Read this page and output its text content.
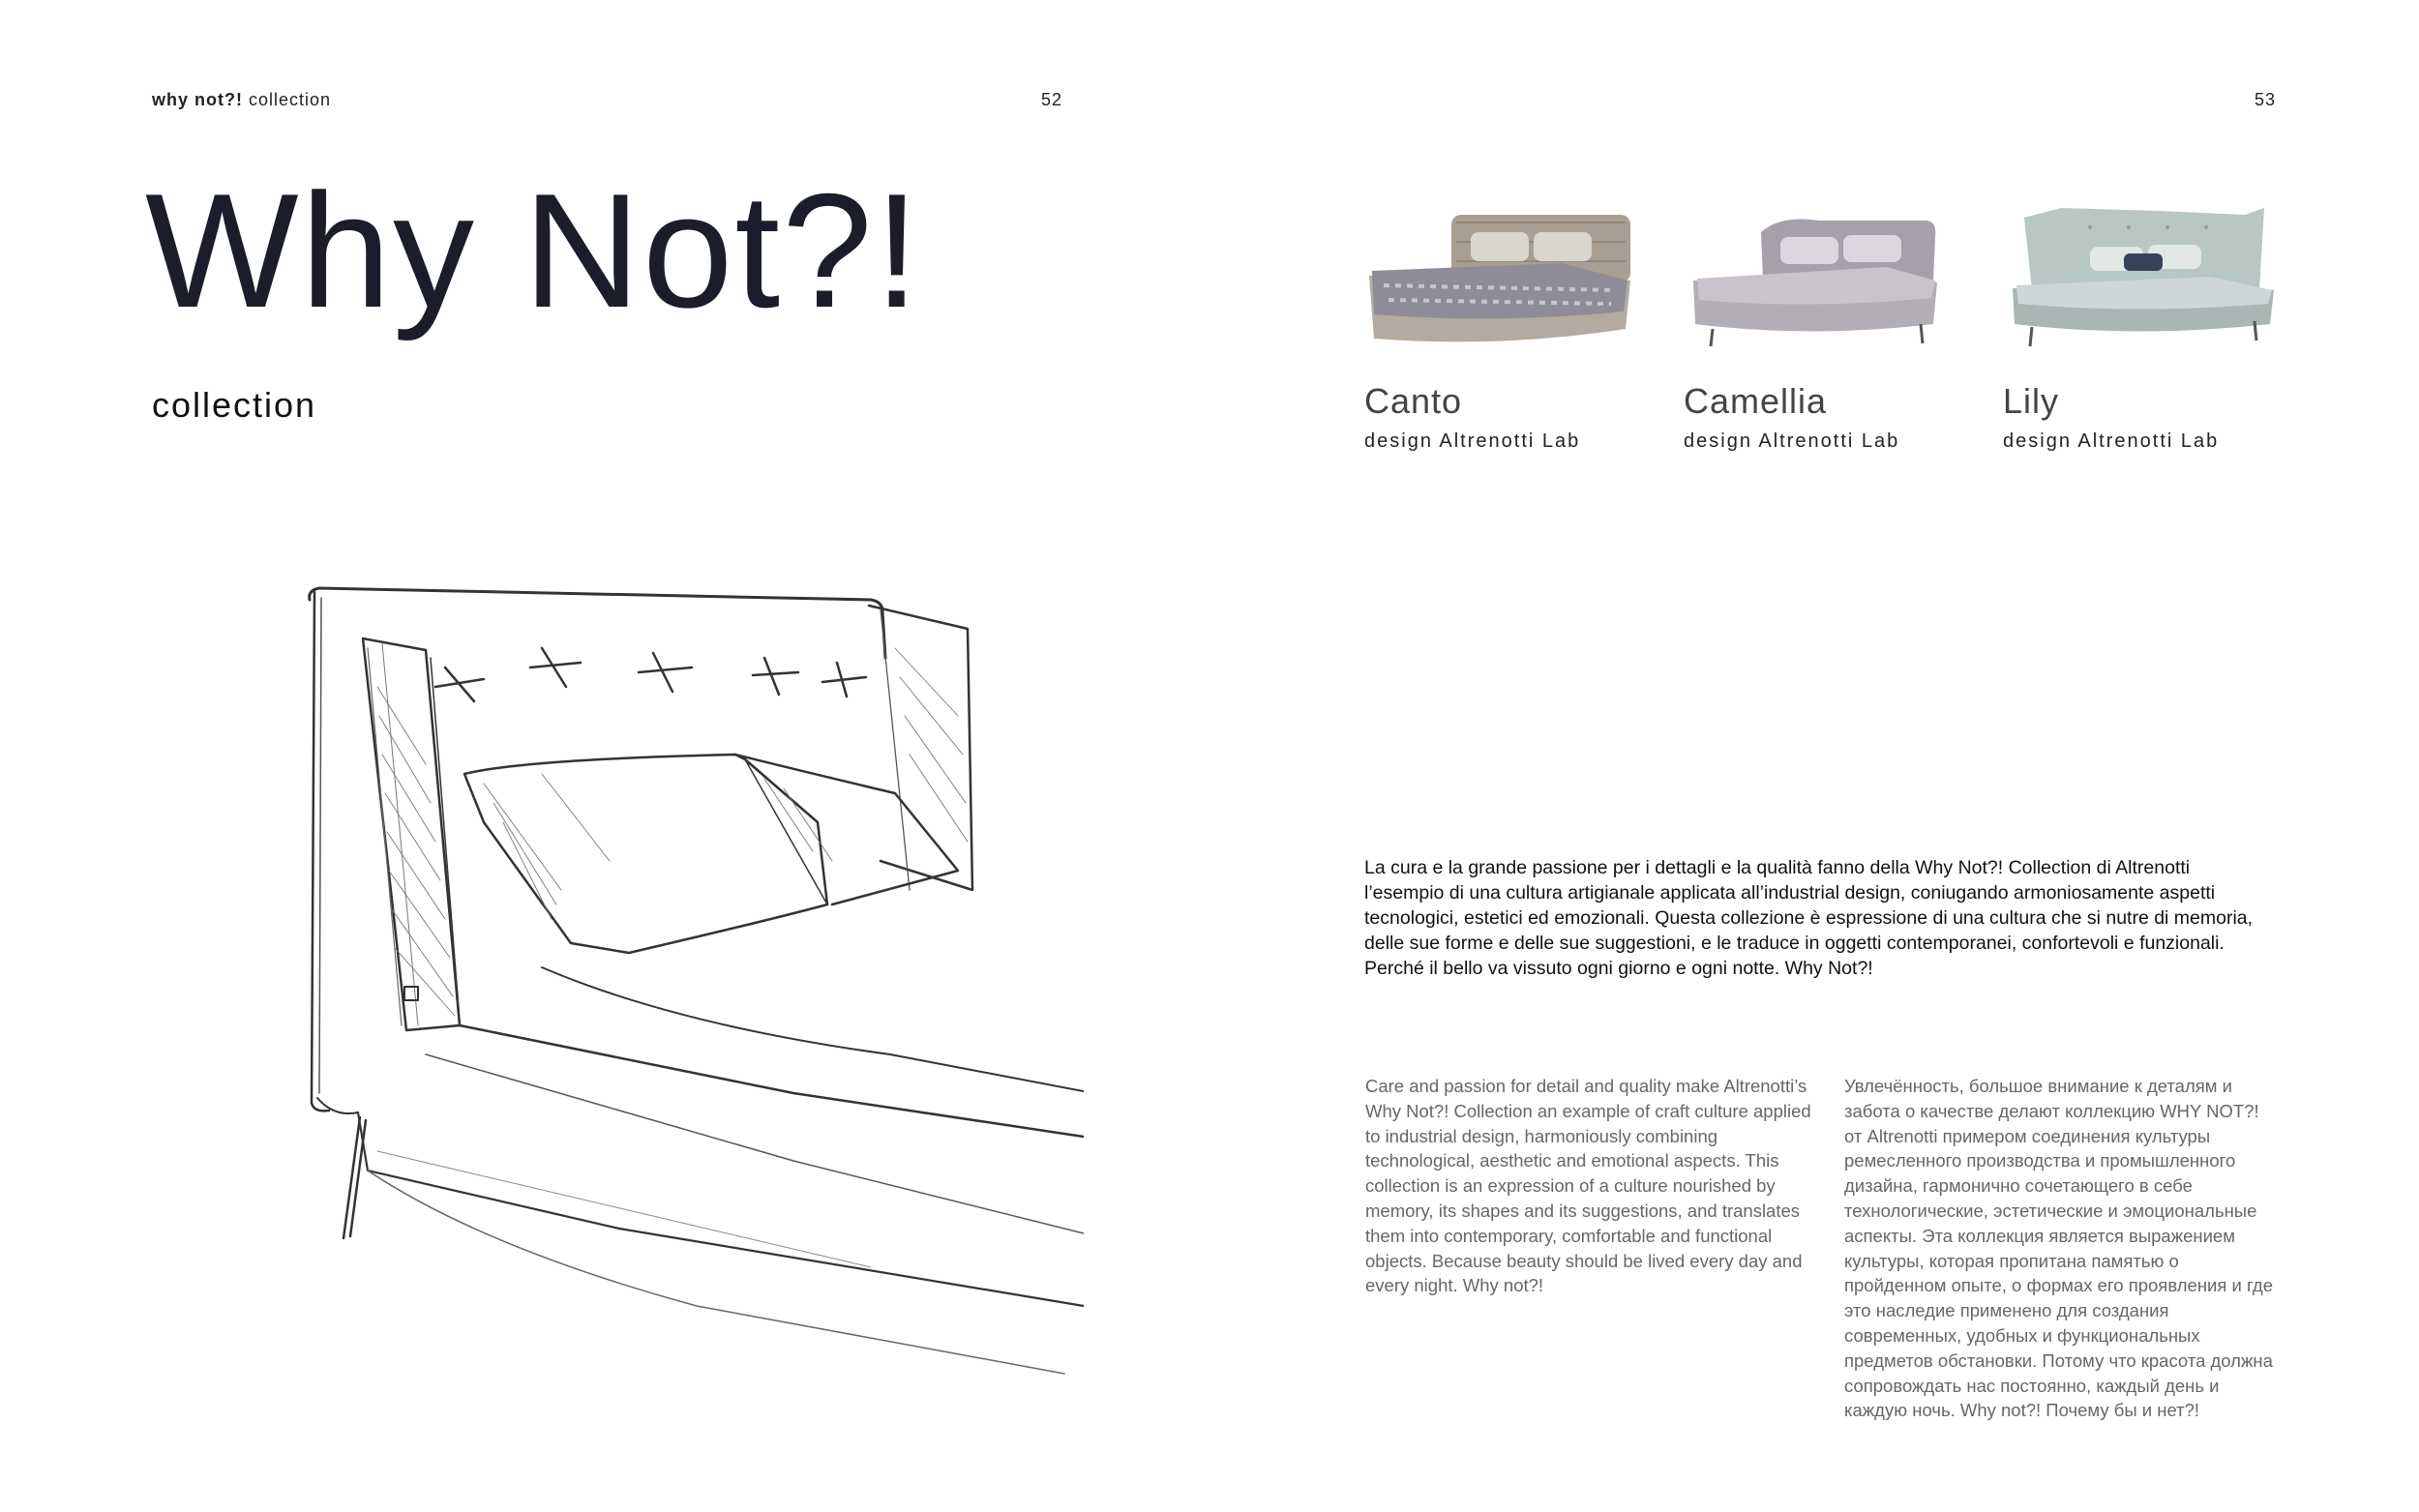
why not?! collection	52	53
Why Not?!
collection	Canto
design Altrenotti Lab
Camellia
design Altrenotti Lab
Lily
design Altrenotti Lab

La cura e la grande passione per i dettagli e la qualità fanno della Why Not?! Collection di Altrenotti l’esempio di una cultura artigianale applicata all’industrial design, coniugando armoniosamente aspetti tecnologici, estetici ed emozionali. Questa collezione è espressione di una cultura che si nutre di memoria, delle sue forme e delle sue suggestioni, e le traduce in oggetti contemporanei, confortevoli e funzionali. Perché il bello va vissuto ogni giorno e ogni notte. Why Not?!

Care and passion for detail and quality make Altrenotti’s Why Not?! Collection an example of craft culture applied to industrial design, harmoniously combining technological, aesthetic and emotional aspects. This collection is an expression of a culture nourished by memory, its shapes and its suggestions, and translates them into contemporary, comfortable and functional objects. Because beauty should be lived every day and every night. Why not?!

Увлечённость, большое внимание к деталям и забота о качестве делают коллекцию WHY NOT?! от Altrenotti примером соединения культуры ремесленного производства и промышленного дизайна, гармонично сочетающего в себе технологические, эстетические и эмоциональные аспекты. Эта коллекция является выражением культуры, которая пропитана памятью о пройденном опыте, о формах его проявления и где это наследие применено для создания современных, удобных и функциональных предметов обстановки. Потому что красота должна сопровождать нас постоянно, каждый день и каждую ночь. Why not?! Почему бы и нет?!
